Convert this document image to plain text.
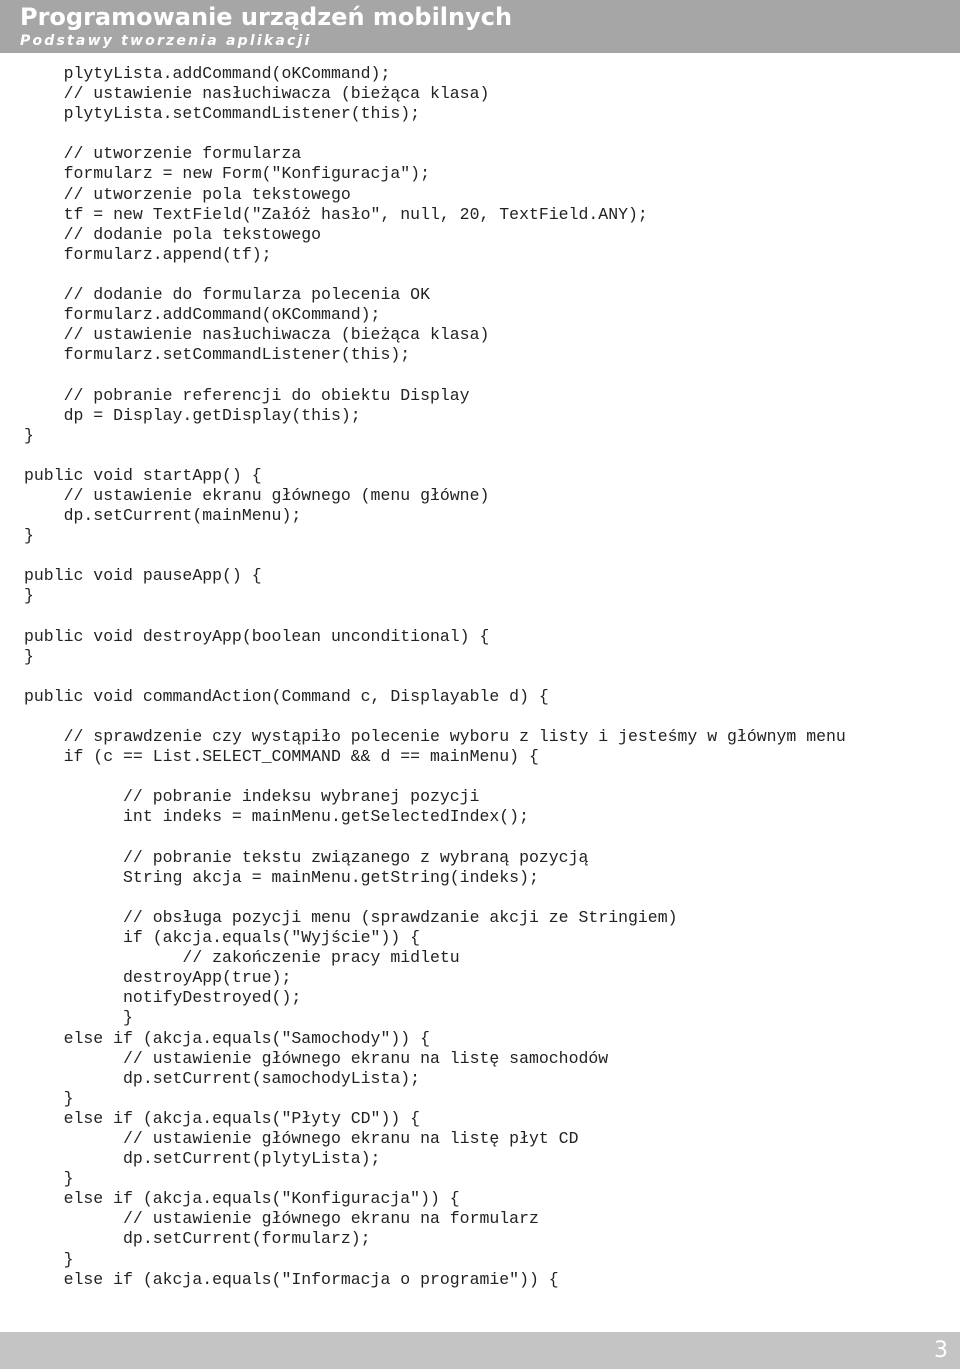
Programowanie urządzeń mobilnych
Podstawy tworzenia aplikacji
plytyLista.addCommand(oKCommand);
// ustawienie nasłuchiwacza (bieżąca klasa)
plytyLista.setCommandListener(this);
// utworzenie formularza
formularz = new Form("Konfiguracja");
// utworzenie pola tekstowego
tf = new TextField("Załóż hasło", null, 20, TextField.ANY);
// dodanie pola tekstowego
formularz.append(tf);
// dodanie do formularza polecenia OK
formularz.addCommand(oKCommand);
// ustawienie nasłuchiwacza (bieżąca klasa)
formularz.setCommandListener(this);
// pobranie referencji do obiektu Display
dp = Display.getDisplay(this);
}
public void startApp() {
// ustawienie ekranu głównego (menu główne)
dp.setCurrent(mainMenu);
}
public void pauseApp() {
}
public void destroyApp(boolean unconditional) {
}
public void commandAction(Command c, Displayable d) {
// sprawdzenie czy wystąpiło polecenie wyboru z listy i jesteśmy w głównym menu
if (c == List.SELECT_COMMAND && d == mainMenu) {
// pobranie indeksu wybranej pozycji
int indeks = mainMenu.getSelectedIndex();
// pobranie tekstu związanego z wybraną pozycją
String akcja = mainMenu.getString(indeks);
// obsługa pozycji menu (sprawdzanie akcji ze Stringiem)
if (akcja.equals("Wyjście")) {
// zakończenie pracy midletu
destroyApp(true);
notifyDestroyed();
}
else if (akcja.equals("Samochody")) {
// ustawienie głównego ekranu na listę samochodów
dp.setCurrent(samochodyLista);
}
else if (akcja.equals("Płyty CD")) {
// ustawienie głównego ekranu na listę płyt CD
dp.setCurrent(plytyLista);
}
else if (akcja.equals("Konfiguracja")) {
// ustawienie głównego ekranu na formularz
dp.setCurrent(formularz);
}
else if (akcja.equals("Informacja o programie")) {
3
